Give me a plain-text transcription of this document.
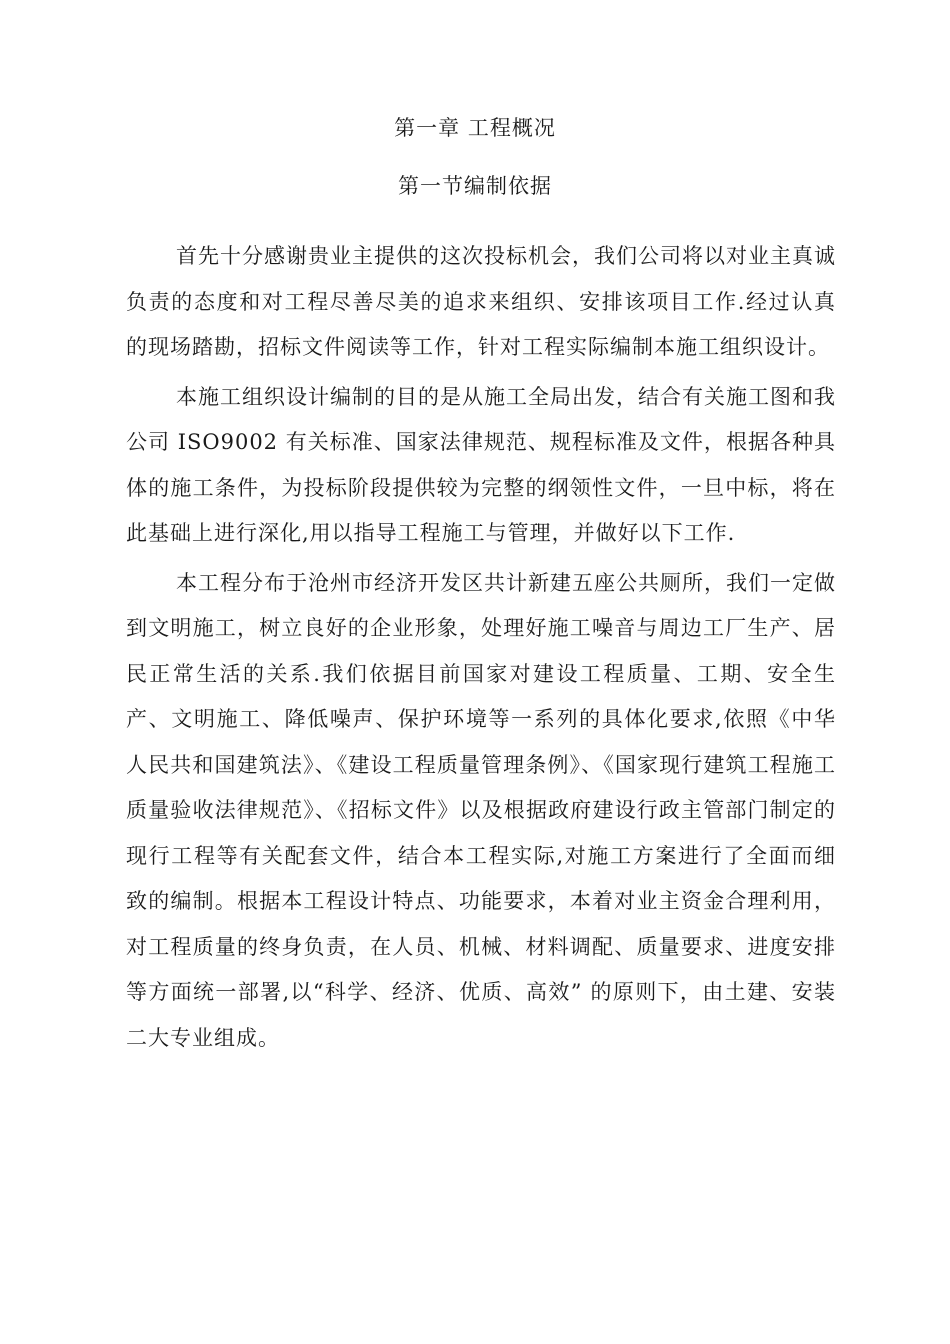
第一章 工程概况
第一节编制依据

首先十分感谢贵业主提供的这次投标机会，我们公司将以对业主真诚负责的态度和对工程尽善尽美的追求来组织、安排该项目工作.经过认真的现场踏勘，招标文件阅读等工作，针对工程实际编制本施工组织设计。

本施工组织设计编制的目的是从施工全局出发，结合有关施工图和我公司 ISO9002 有关标准、国家法律规范、规程标准及文件，根据各种具体的施工条件，为投标阶段提供较为完整的纲领性文件，一旦中标，将在此基础上进行深化,用以指导工程施工与管理，并做好以下工作.

本工程分布于沧州市经济开发区共计新建五座公共厕所，我们一定做到文明施工，树立良好的企业形象，处理好施工噪音与周边工厂生产、居民正常生活的关系.我们依据目前国家对建设工程质量、工期、安全生产、文明施工、降低噪声、保护环境等一系列的具体化要求,依照《中华人民共和国建筑法》、《建设工程质量管理条例》、《国家现行建筑工程施工质量验收法律规范》、《招标文件》以及根据政府建设行政主管部门制定的现行工程等有关配套文件，结合本工程实际,对施工方案进行了全面而细致的编制。根据本工程设计特点、功能要求，本着对业主资金合理利用，对工程质量的终身负责，在人员、机械、材料调配、质量要求、进度安排等方面统一部署,以“科学、经济、优质、高效” 的原则下，由土建、安装二大专业组成。
